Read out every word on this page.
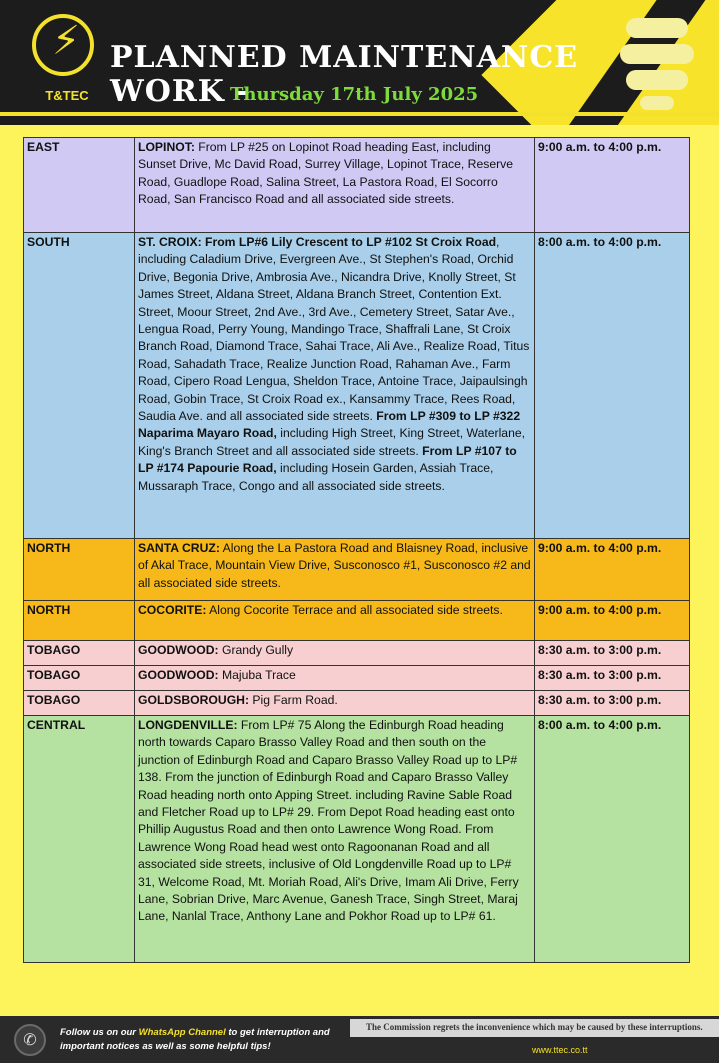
⚡
T&TEC
PLANNED MAINTENANCE
WORK -
Thursday 17th July 2025
EAST	LOPINOT: From LP #25 on Lopinot Road heading East, including Sunset Drive, Mc David Road, Surrey Village, Lopinot Trace, Reserve Road, Guadlope Road, Salina Street, La Pastora Road, El Socorro Road, San Francisco Road and all associated side streets.	9:00 a.m. to 4:00 p.m.
SOUTH	ST. CROIX: From LP#6 Lily Crescent to LP #102 St Croix Road, including Caladium Drive, Evergreen Ave., St Stephen's Road, Orchid Drive, Begonia Drive, Ambrosia Ave., Nicandra Drive, Knolly Street, St James Street, Aldana Street, Aldana Branch Street, Contention Ext. Street, Moour Street, 2nd Ave., 3rd Ave., Cemetery Street, Satar Ave., Lengua Road, Perry Young, Mandingo Trace, Shaffrali Lane, St Croix Branch Road, Diamond Trace, Sahai Trace, Ali Ave., Realize Road, Titus Road, Sahadath Trace, Realize Junction Road, Rahaman Ave., Farm Road, Cipero Road Lengua, Sheldon Trace, Antoine Trace, Jaipaulsingh Road, Gobin Trace, St Croix Road ex., Kansammy Trace, Rees Road, Saudia Ave. and all associated side streets. From LP #309 to LP #322 Naparima Mayaro Road, including High Street, King Street, Waterlane, King's Branch Street and all associated side streets. From LP #107 to LP #174 Papourie Road, including Hosein Garden, Assiah Trace, Mussaraph Trace, Congo and all associated side streets.	8:00 a.m. to 4:00 p.m.
NORTH	SANTA CRUZ: Along the La Pastora Road and Blaisney Road, inclusive of Akal Trace, Mountain View Drive, Susconosco #1, Susconosco #2 and all associated side streets.	9:00 a.m. to 4:00 p.m.
NORTH	COCORITE: Along Cocorite Terrace and all associated side streets.	9:00 a.m. to 4:00 p.m.
TOBAGO	GOODWOOD: Grandy Gully	8:30 a.m. to 3:00 p.m.
TOBAGO	GOODWOOD: Majuba Trace	8:30 a.m. to 3:00 p.m.
TOBAGO	GOLDSBOROUGH: Pig Farm Road.	8:30 a.m. to 3:00 p.m.
CENTRAL	LONGDENVILLE: From LP# 75 Along the Edinburgh Road heading north towards Caparo Brasso Valley Road and then south on the junction of Edinburgh Road and Caparo Brasso Valley Road up to LP# 138. From the junction of Edinburgh Road and Caparo Brasso Valley Road heading north onto Apping Street. including Ravine Sable Road and Fletcher Road up to LP# 29. From Depot Road heading east onto Phillip Augustus Road and then onto Lawrence Wong Road. From Lawrence Wong Road head west onto Ragoonanan Road and all associated side streets, inclusive of Old Longdenville Road up to LP# 31, Welcome Road, Mt. Moriah Road, Ali's Drive, Imam Ali Drive, Ferry Lane, Sobrian Drive, Marc Avenue, Ganesh Trace, Singh Street, Maraj Lane, Nanlal Trace, Anthony Lane and Pokhor Road up to LP# 61.	8:00 a.m. to 4:00 p.m.
✆	Follow us on our WhatsApp Channel to get interruption and important notices as well as some helpful tips!
The Commission regrets the inconvenience which may be caused by these interruptions.
www.ttec.co.tt
